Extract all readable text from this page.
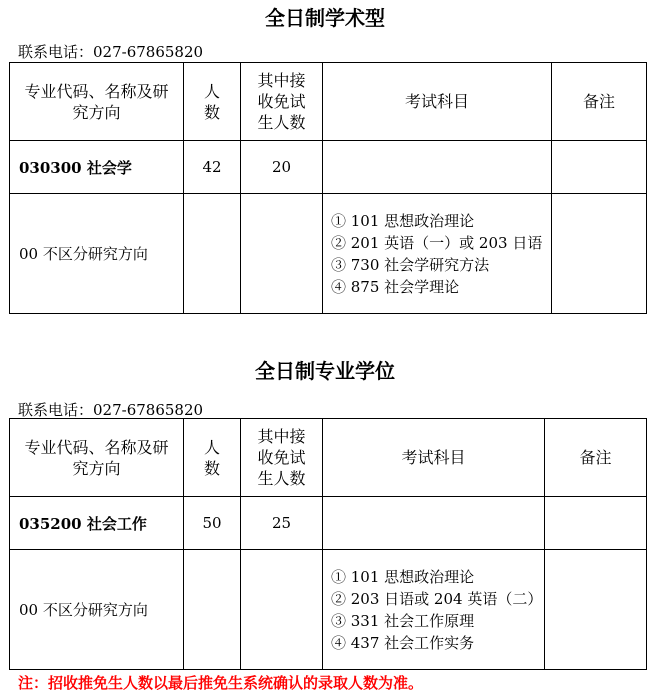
全日制学术型
联系电话：027-67865820
专业代码、名称及研究方向	人数	其中接收免试生人数	考试科目	备注
030300 社会学	42	20		
00 不区分研究方向			① 101 思想政治理论
② 201 英语（一）或 203 日语
③ 730 社会学研究方法
④ 875 社会学理论	

全日制专业学位
联系电话：027-67865820
专业代码、名称及研究方向	人数	其中接收免试生人数	考试科目	备注
035200 社会工作	50	25		
00 不区分研究方向			① 101 思想政治理论
② 203 日语或 204 英语（二）
③ 331 社会工作原理
④ 437 社会工作实务	

注：招收推免生人数以最后推免生系统确认的录取人数为准。
